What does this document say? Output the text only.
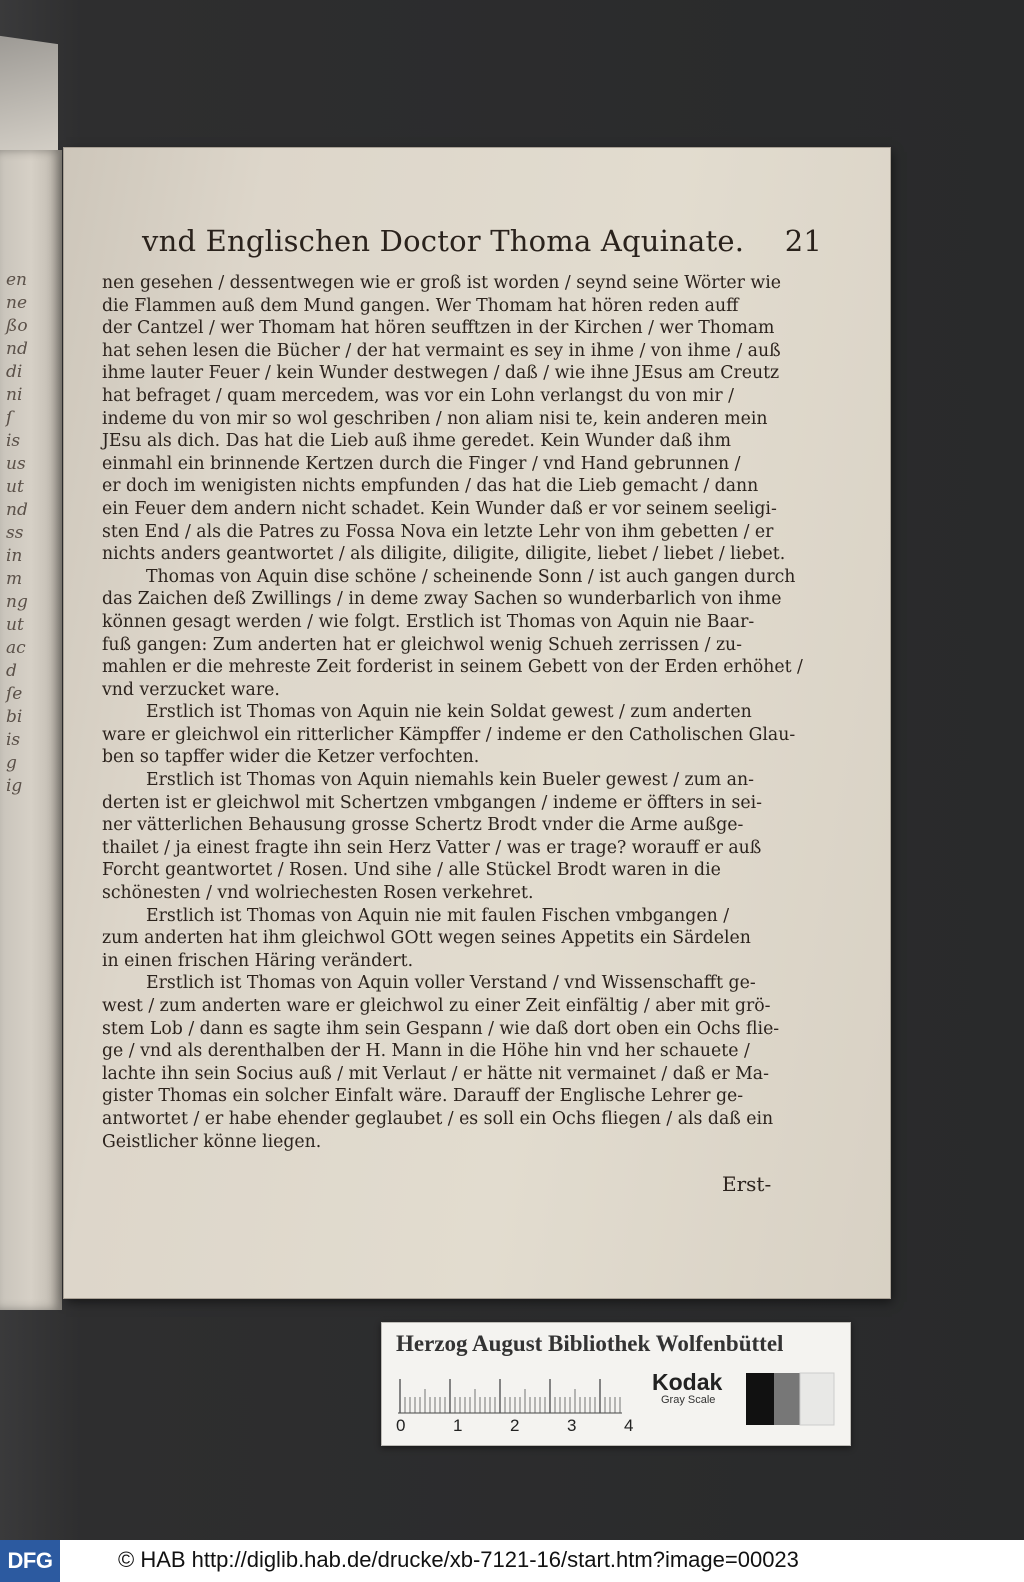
en
ne
ßo
nd
di
ni
ſ
is
us
ut
nd
ss
in
m
ng
ut
ac
d
ſe
bi
is
g
ig
vnd Englischen Doctor Thoma Aquinate. 21
nen gesehen / dessentwegen wie er groß ist worden / seynd seine Wörter wie
die Flammen auß dem Mund gangen. Wer Thomam hat hören reden auff
der Cantzel / wer Thomam hat hören seufftzen in der Kirchen / wer Thomam
hat sehen lesen die Bücher / der hat vermaint es sey in ihme / von ihme / auß
ihme lauter Feuer / kein Wunder destwegen / daß / wie ihne JEsus am Creutz
hat befraget / quam mercedem, was vor ein Lohn verlangst du von mir /
indeme du von mir so wol geschriben / non aliam nisi te, kein anderen mein
JEsu als dich. Das hat die Lieb auß ihme geredet. Kein Wunder daß ihm
einmahl ein brinnende Kertzen durch die Finger / vnd Hand gebrunnen /
er doch im wenigisten nichts empfunden / das hat die Lieb gemacht / dann
ein Feuer dem andern nicht schadet. Kein Wunder daß er vor seinem seeligi-
sten End / als die Patres zu Fossa Nova ein letzte Lehr von ihm gebetten / er
nichts anders geantwortet / als diligite, diligite, diligite, liebet / liebet / liebet.
Thomas von Aquin dise schöne / scheinende Sonn / ist auch gangen durch
das Zaichen deß Zwillings / in deme zway Sachen so wunderbarlich von ihme
können gesagt werden / wie folgt. Erstlich ist Thomas von Aquin nie Baar-
fuß gangen: Zum anderten hat er gleichwol wenig Schueh zerrissen / zu-
mahlen er die mehreste Zeit forderist in seinem Gebett von der Erden erhöhet /
vnd verzucket ware.
Erstlich ist Thomas von Aquin nie kein Soldat gewest / zum anderten
ware er gleichwol ein ritterlicher Kämpffer / indeme er den Catholischen Glau-
ben so tapffer wider die Ketzer verfochten.
Erstlich ist Thomas von Aquin niemahls kein Bueler gewest / zum an-
derten ist er gleichwol mit Schertzen vmbgangen / indeme er öffters in sei-
ner vätterlichen Behausung grosse Schertz Brodt vnder die Arme außge-
thailet / ja einest fragte ihn sein Herz Vatter / was er trage? worauff er auß
Forcht geantwortet / Rosen. Und sihe / alle Stückel Brodt waren in die
schönesten / vnd wolriechesten Rosen verkehret.
Erstlich ist Thomas von Aquin nie mit faulen Fischen vmbgangen /
zum anderten hat ihm gleichwol GOtt wegen seines Appetits ein Särdelen
in einen frischen Häring verändert.
Erstlich ist Thomas von Aquin voller Verstand / vnd Wissenschafft ge-
west / zum anderten ware er gleichwol zu einer Zeit einfältig / aber mit grö-
stem Lob / dann es sagte ihm sein Gespann / wie daß dort oben ein Ochs flie-
ge / vnd als derenthalben der H. Mann in die Höhe hin vnd her schauete /
lachte ihn sein Socius auß / mit Verlaut / er hätte nit vermainet / daß er Ma-
gister Thomas ein solcher Einfalt wäre. Darauff der Englische Lehrer ge-
antwortet / er habe ehender geglaubet / es soll ein Ochs fliegen / als daß ein
Geistlicher könne liegen.
Erst-
Herzog August Bibliothek Wolfenbüttel
0	1	2	3	4
Kodak
Gray Scale
DFG	© HAB http://diglib.hab.de/drucke/xb-7121-16/start.htm?image=00023
